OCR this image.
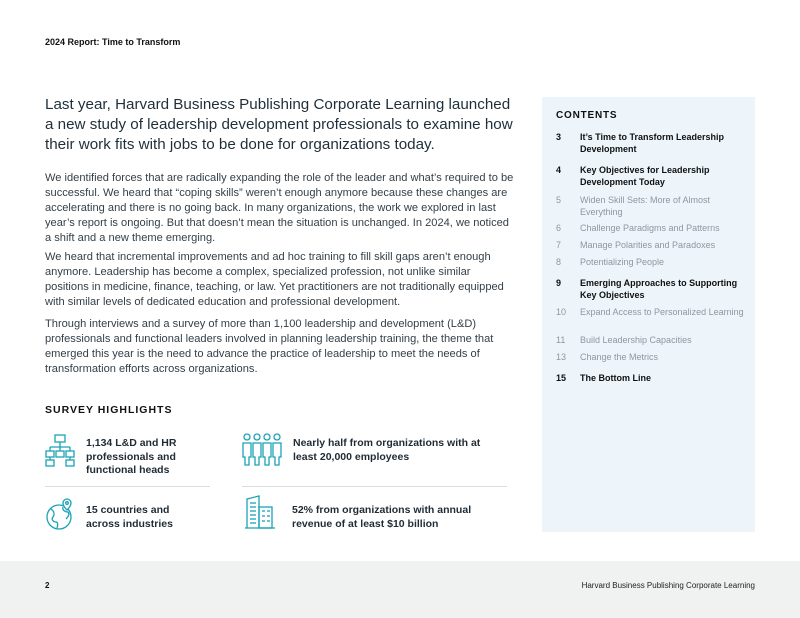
2024 Report: Time to Transform
Last year, Harvard Business Publishing Corporate Learning launched a new study of leadership development professionals to examine how their work fits with jobs to be done for organizations today.

We identified forces that are radically expanding the role of the leader and what’s required to be successful. We heard that “coping skills” weren’t enough anymore because these changes are accelerating and there is no going back. In many organizations, the work we explored in last year’s report is ongoing. But that doesn’t mean the situation is unchanged. In 2024, we noticed a shift and a new theme emerging.

We heard that incremental improvements and ad hoc training to fill skill gaps aren’t enough anymore. Leadership has become a complex, specialized profession, not unlike similar positions in medicine, finance, teaching, or law. Yet practitioners are not traditionally equipped with similar levels of dedicated education and professional development.

Through interviews and a survey of more than 1,100 leadership and development (L&D) professionals and functional leaders involved in planning leadership training, the theme that emerged this year is the need to advance the practice of leadership to meet the needs of transformation efforts across organizations.

SURVEY HIGHLIGHTS
1,134 L&D and HR professionals and functional heads
Nearly half from organizations with at least 20,000 employees
15 countries and across industries
52% from organizations with annual revenue of at least $10 billion
CONTENTS
3 It’s Time to Transform Leadership Development
4 Key Objectives for Leadership Development Today
5 Widen Skill Sets: More of Almost Everything
6 Challenge Paradigms and Patterns
7 Manage Polarities and Paradoxes
8 Potentializing People
9 Emerging Approaches to Supporting Key Objectives
10 Expand Access to Personalized Learning
11 Build Leadership Capacities
13 Change the Metrics
15 The Bottom Line
2	Harvard Business Publishing Corporate Learning
